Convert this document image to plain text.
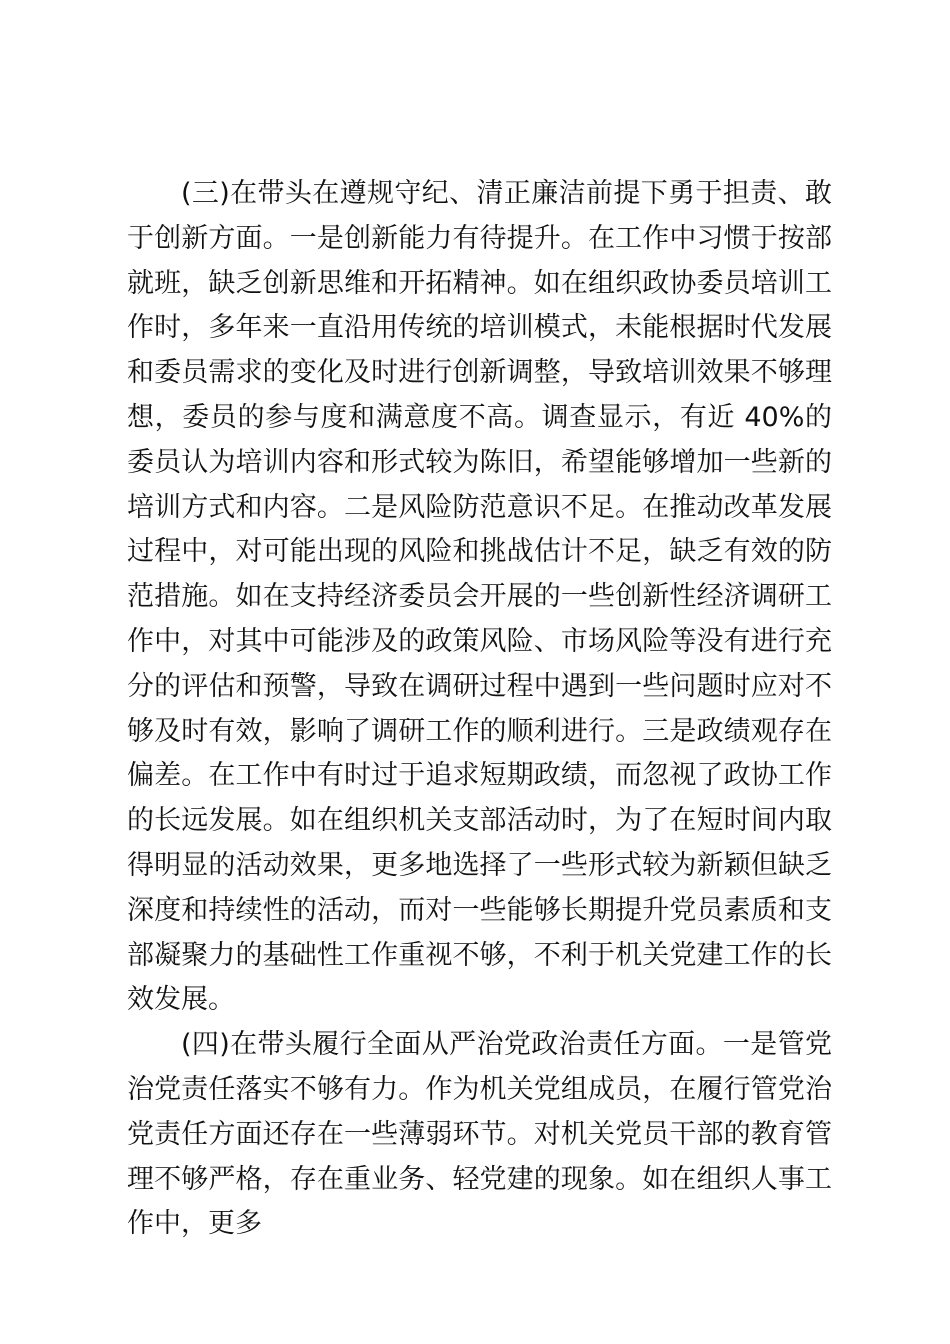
(三)在带头在遵规守纪、清正廉洁前提下勇于担责、敢于创新方面。一是创新能力有待提升。在工作中习惯于按部就班，缺乏创新思维和开拓精神。如在组织政协委员培训工作时，多年来一直沿用传统的培训模式，未能根据时代发展和委员需求的变化及时进行创新调整，导致培训效果不够理想，委员的参与度和满意度不高。调查显示，有近 40%的委员认为培训内容和形式较为陈旧，希望能够增加一些新的培训方式和内容。二是风险防范意识不足。在推动改革发展过程中，对可能出现的风险和挑战估计不足，缺乏有效的防范措施。如在支持经济委员会开展的一些创新性经济调研工作中，对其中可能涉及的政策风险、市场风险等没有进行充分的评估和预警，导致在调研过程中遇到一些问题时应对不够及时有效，影响了调研工作的顺利进行。三是政绩观存在偏差。在工作中有时过于追求短期政绩，而忽视了政协工作的长远发展。如在组织机关支部活动时，为了在短时间内取得明显的活动效果，更多地选择了一些形式较为新颖但缺乏深度和持续性的活动，而对一些能够长期提升党员素质和支部凝聚力的基础性工作重视不够，不利于机关党建工作的长效发展。

(四)在带头履行全面从严治党政治责任方面。一是管党治党责任落实不够有力。作为机关党组成员，在履行管党治党责任方面还存在一些薄弱环节。对机关党员干部的教育管理不够严格，存在重业务、轻党建的现象。如在组织人事工作中，更多
